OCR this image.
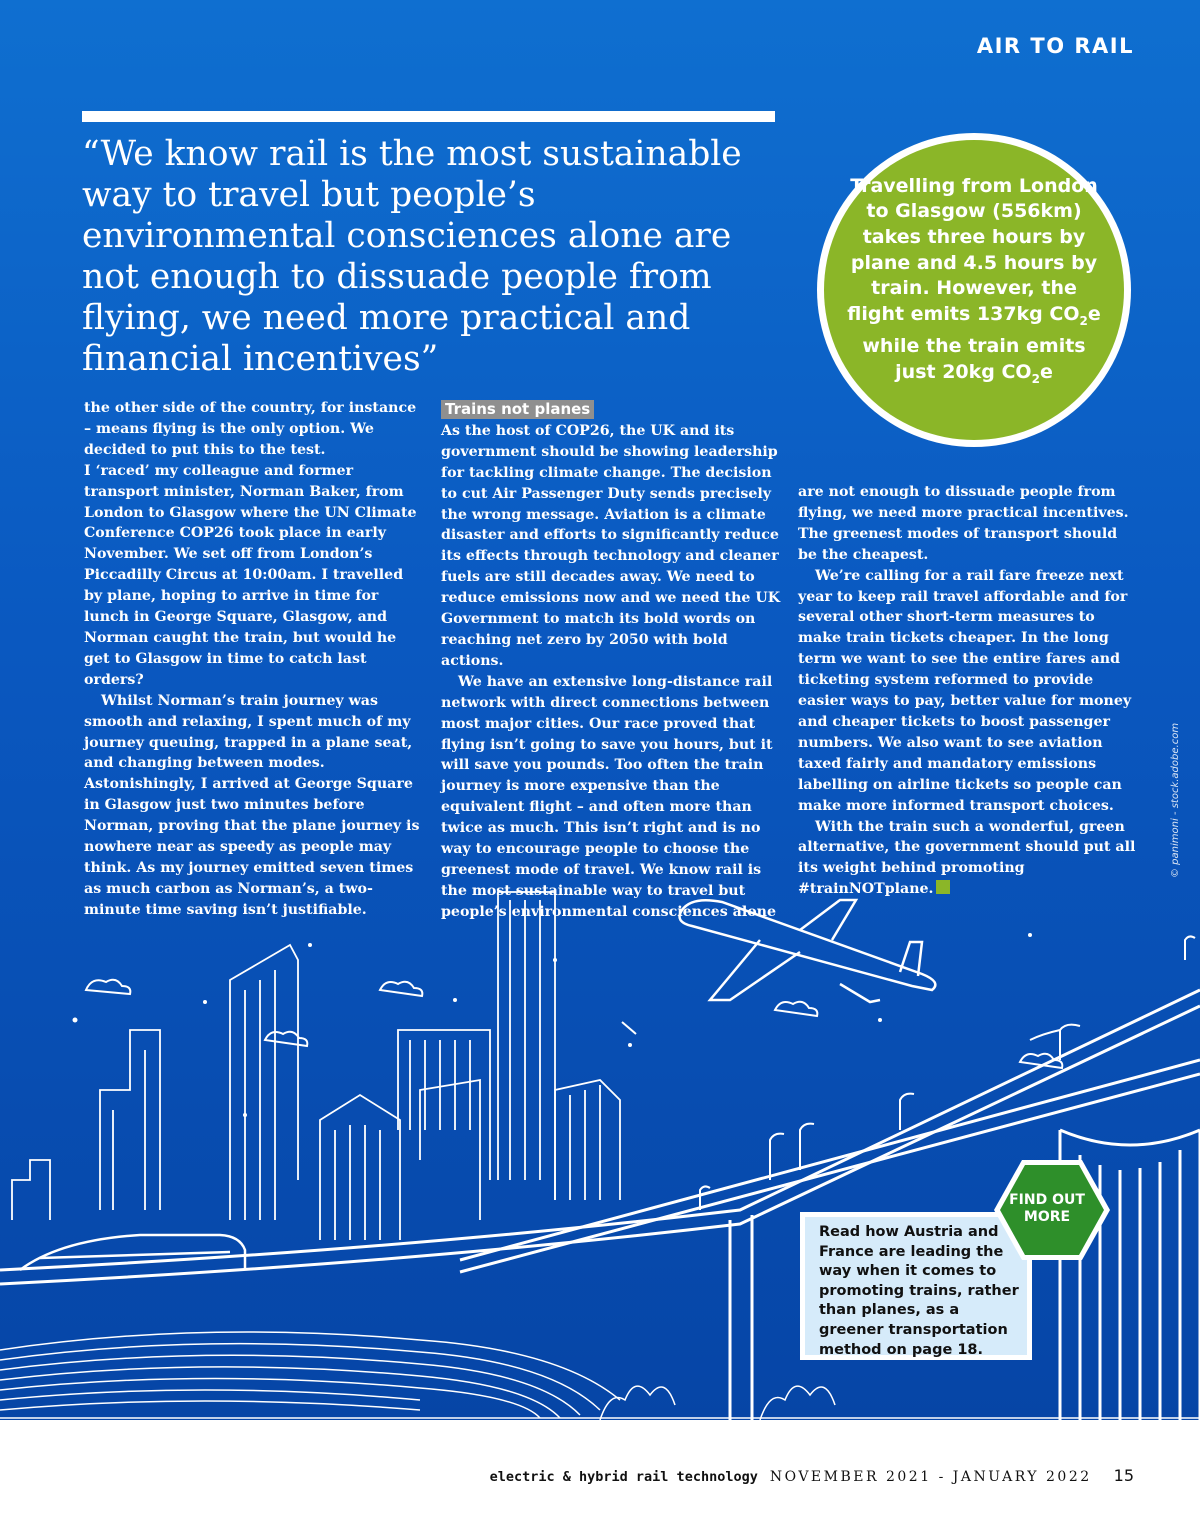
AIR TO RAIL

“We know rail is the most sustainable way to travel but people’s environmental consciences alone are not enough to dissuade people from flying, we need more practical and financial incentives”

Travelling from London to Glasgow (556km) takes three hours by plane and 4.5 hours by train. However, the flight emits 137kg $CO_2e$ while the train emits just 20kg $CO_2e$

the other side of the country, for instance – means flying is the only option. We decided to put this to the test.

I ‘raced’ my colleague and former transport minister, Norman Baker, from London to Glasgow where the UN Climate Conference COP26 took place in early November. We set off from London’s Piccadilly Circus at 10:00am. I travelled by plane, hoping to arrive in time for lunch in George Square, Glasgow, and Norman caught the train, but would he get to Glasgow in time to catch last orders?

Whilst Norman’s train journey was smooth and relaxing, I spent much of my journey queuing, trapped in a plane seat, and changing between modes. Astonishingly, I arrived at George Square in Glasgow just two minutes before Norman, proving that the plane journey is nowhere near as speedy as people may think. As my journey emitted seven times as much carbon as Norman’s, a two-minute time saving isn’t justifiable.

Trains not planes

As the host of COP26, the UK and its government should be showing leadership for tackling climate change. The decision to cut Air Passenger Duty sends precisely the wrong message. Aviation is a climate disaster and efforts to significantly reduce its effects through technology and cleaner fuels are still decades away. We need to reduce emissions now and we need the UK Government to match its bold words on reaching net zero by 2050 with bold actions.

We have an extensive long-distance rail network with direct connections between most major cities. Our race proved that flying isn’t going to save you hours, but it will save you pounds. Too often the train journey is more expensive than the equivalent flight – and often more than twice as much. This isn’t right and is no way to encourage people to choose the greenest mode of travel. We know rail is the most sustainable way to travel but people’s environmental consciences alone

are not enough to dissuade people from flying, we need more practical incentives. The greenest modes of transport should be the cheapest.

We’re calling for a rail fare freeze next year to keep rail travel affordable and for several other short-term measures to make train tickets cheaper. In the long term we want to see the entire fares and ticketing system reformed to provide easier ways to pay, better value for money and cheaper tickets to boost passenger numbers. We also want to see aviation taxed fairly and mandatory emissions labelling on airline tickets so people can make more informed transport choices.

With the train such a wonderful, green alternative, the government should put all its weight behind promoting #trainNOTplane.

© panimoni - stock.adobe.com
Read how Austria and France are leading the way when it comes to promoting trains, rather than planes, as a greener transportation method on page 18.
FIND OUT MORE
electric & hybrid rail technology NOVEMBER 2021 - JANUARY 2022 15
